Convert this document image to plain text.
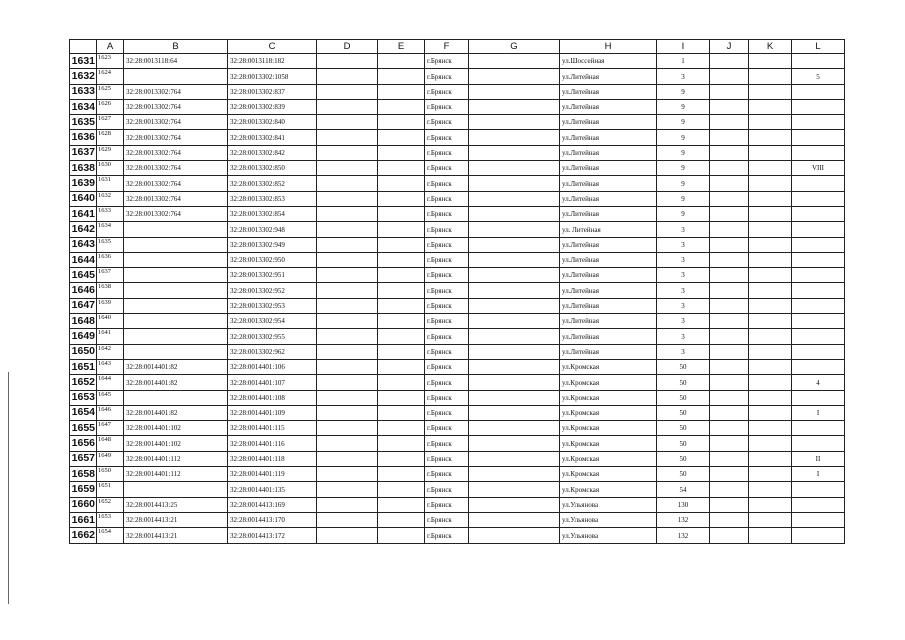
	A	B	C	D	E	F	G	H	I	J	K	L
1631	1623	32:28:0013118:64	32:28:0013118:182			г.Брянск		ул.Шоссейная	1			
1632	1624		32:28:0013302:1058			г.Брянск		ул.Литейная	3			5
1633	1625	32:28:0013302:764	32:28:0013302:837			г.Брянск		ул.Литейная	9			
1634	1626	32:28:0013302:764	32:28:0013302:839			г.Брянск		ул.Литейная	9			
1635	1627	32:28:0013302:764	32:28:0013302:840			г.Брянск		ул.Литейная	9			
1636	1628	32:28:0013302:764	32:28:0013302:841			г.Брянск		ул.Литейная	9			
1637	1629	32:28:0013302:764	32:28:0013302:842			г.Брянск		ул.Литейная	9			
1638	1630	32:28:0013302:764	32:28:0013302:850			г.Брянск		ул.Литейная	9			VIII
1639	1631	32:28:0013302:764	32:28:0013302:852			г.Брянск		ул.Литейная	9			
1640	1632	32:28:0013302:764	32:28:0013302:853			г.Брянск		ул.Литейная	9			
1641	1633	32:28:0013302:764	32:28:0013302:854			г.Брянск		ул.Литейная	9			
1642	1634		32:28:0013302:948			г.Брянск		ул. Литейная	3			
1643	1635		32:28:0013302:949			г.Брянск		ул.Литейная	3			
1644	1636		32:28:0013302:950			г.Брянск		ул.Литейная	3			
1645	1637		32:28:0013302:951			г.Брянск		ул.Литейная	3			
1646	1638		32:28:0013302:952			г.Брянск		ул.Литейная	3			
1647	1639		32:28:0013302:953			г.Брянск		ул.Литейная	3			
1648	1640		32:28:0013302:954			г.Брянск		ул.Литейная	3			
1649	1641		32:28:0013302:955			г.Брянск		ул.Литейная	3			
1650	1642		32:28:0013302:962			г.Брянск		ул.Литейная	3			
1651	1643	32:28:0014401:82	32:28:0014401:106			г.Брянск		ул.Кромская	50			
1652	1644	32:28:0014401:82	32:28:0014401:107			г.Брянск		ул.Кромская	50			4
1653	1645		32:28:0014401:108			г.Брянск		ул.Кромская	50			
1654	1646	32:28:0014401:82	32:28:0014401:109			г.Брянск		ул.Кромская	50			I
1655	1647	32:28:0014401:102	32:28:0014401:115			г.Брянск		ул.Кромская	50			
1656	1648	32:28:0014401:102	32:28:0014401:116			г.Брянск		ул.Кромская	50			
1657	1649	32:28:0014401:112	32:28:0014401:118			г.Брянск		ул.Кромская	50			II
1658	1650	32:28:0014401:112	32:28:0014401:119			г.Брянск		ул.Кромская	50			I
1659	1651		32:28:0014401:135			г.Брянск		ул.Кромская	54			
1660	1652	32:28:0014413:25	32:28:0014413:169			г.Брянск		ул.Ульянова	130			
1661	1653	32:28:0014413:21	32:28:0014413:170			г.Брянск		ул.Ульянова	132			
1662	1654	32:28:0014413:21	32:28:0014413:172			г.Брянск		ул.Ульянова	132			
